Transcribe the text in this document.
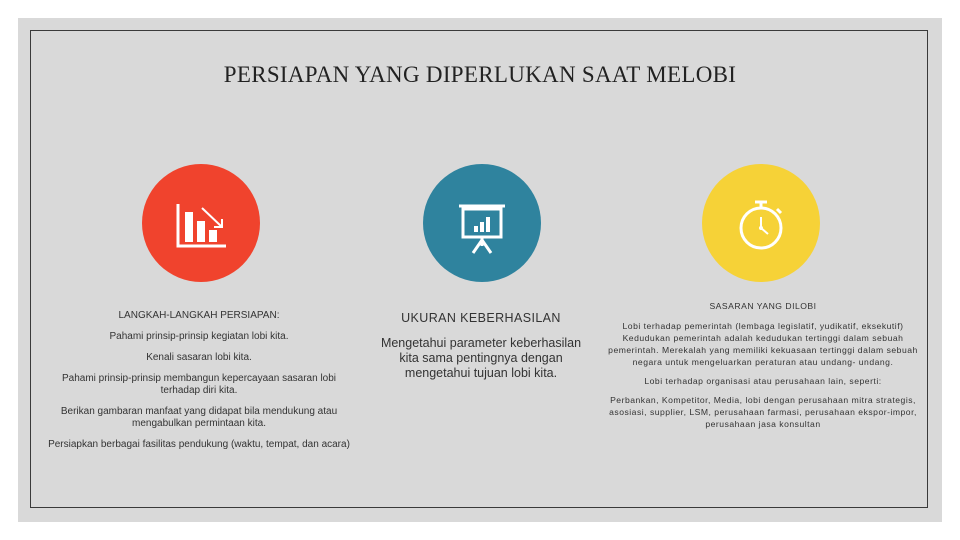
PERSIAPAN YANG DIPERLUKAN SAAT MELOBI

LANGKAH-LANGKAH PERSIAPAN:

Pahami prinsip-prinsip kegiatan lobi kita.

Kenali sasaran lobi kita.

Pahami prinsip-prinsip membangun kepercayaan sasaran lobi terhadap diri kita.

Berikan gambaran manfaat yang didapat bila mendukung atau mengabulkan permintaan kita.

Persiapkan berbagai fasilitas pendukung (waktu, tempat, dan acara)

UKURAN KEBERHASILAN
Mengetahui parameter keberhasilan kita sama pentingnya dengan mengetahui tujuan lobi kita.

SASARAN YANG DILOBI

Lobi terhadap pemerintah (lembaga legislatif, yudikatif, eksekutif) Kedudukan pemerintah adalah kedudukan tertinggi dalam sebuah pemerintah. Merekalah yang memiliki kekuasaan tertinggi dalam sebuah negara untuk mengeluarkan peraturan atau undang- undang.

Lobi terhadap organisasi atau perusahaan lain, seperti:

Perbankan, Kompetitor, Media, lobi dengan perusahaan mitra strategis, asosiasi, supplier, LSM, perusahaan farmasi, perusahaan ekspor-impor, perusahaan jasa konsultan
